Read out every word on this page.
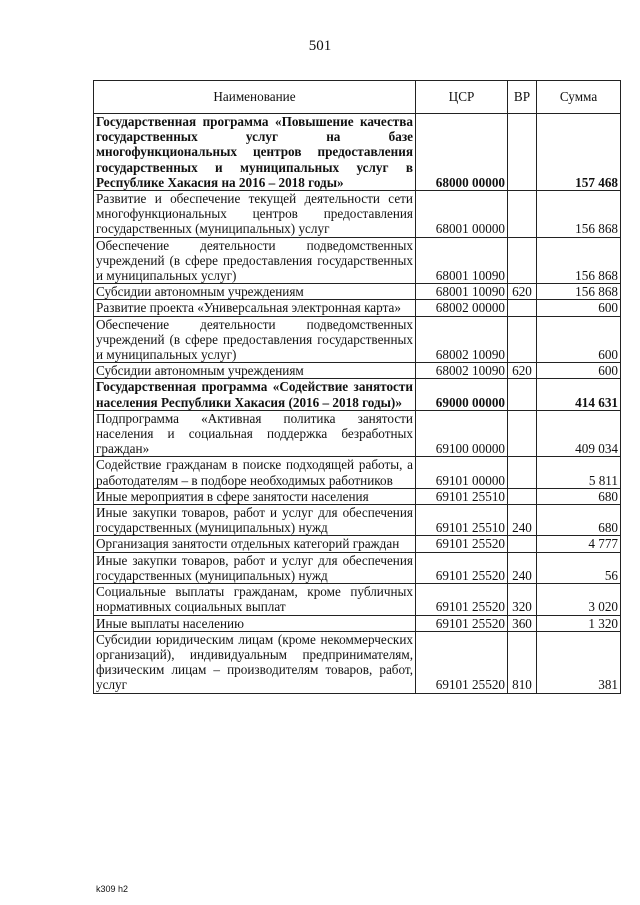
501
Наименование	ЦСР	ВР	Сумма
Государственная программа «Повышение качества государственных услуг на базе многофункциональных центров предоставления государственных и муниципальных услуг в Республике Хакасия на 2016 – 2018 годы»	68000 00000		157 468
Развитие и обеспечение текущей деятельности сети многофункциональных центров предоставления государственных (муниципальных) услуг	68001 00000		156 868
Обеспечение деятельности подведомственных учреждений (в сфере предоставления государственных и муниципальных услуг)	68001 10090		156 868
Субсидии автономным учреждениям	68001 10090	620	156 868
Развитие проекта «Универсальная электронная карта»	68002 00000		600
Обеспечение деятельности подведомственных учреждений (в сфере предоставления государственных и муниципальных услуг)	68002 10090		600
Субсидии автономным учреждениям	68002 10090	620	600
Государственная программа «Содействие занятости населения Республики Хакасия (2016 – 2018 годы)»	69000 00000		414 631
Подпрограмма «Активная политика занятости населения и социальная поддержка безработных граждан»	69100 00000		409 034
Содействие гражданам в поиске подходящей работы, а работодателям – в подборе необходимых работников	69101 00000		5 811
Иные мероприятия в сфере занятости населения	69101 25510		680
Иные закупки товаров, работ и услуг для обеспечения государственных (муниципальных) нужд	69101 25510	240	680
Организация занятости отдельных категорий граждан	69101 25520		4 777
Иные закупки товаров, работ и услуг для обеспечения государственных (муниципальных) нужд	69101 25520	240	56
Социальные выплаты гражданам, кроме публичных нормативных социальных выплат	69101 25520	320	3 020
Иные выплаты населению	69101 25520	360	1 320
Субсидии юридическим лицам (кроме некоммерческих организаций), индивидуальным предпринимателям, физическим лицам – производителям товаров, работ, услуг	69101 25520	810	381
k309 h2
